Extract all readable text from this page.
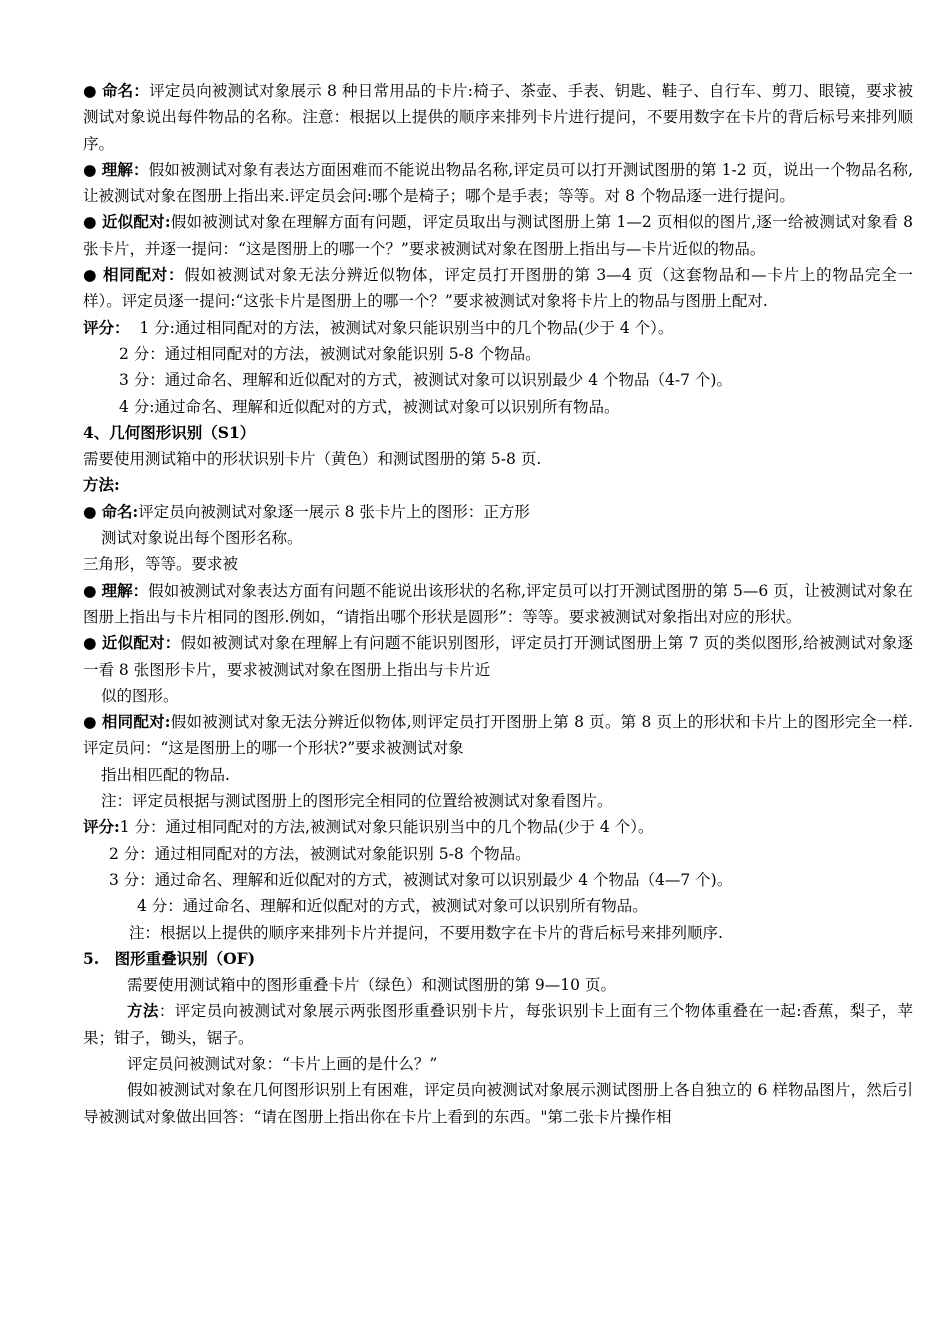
● 命名：评定员向被测试对象展示 8 种日常用品的卡片:椅子、茶壶、手表、钥匙、鞋子、自行车、剪刀、眼镜，要求被测试对象说出每件物品的名称。注意：根据以上提供的顺序来排列卡片进行提问，不要用数字在卡片的背后标号来排列顺序。

● 理解：假如被测试对象有表达方面困难而不能说出物品名称,评定员可以打开测试图册的第 1-2 页，说出一个物品名称,让被测试对象在图册上指出来.评定员会问:哪个是椅子；哪个是手表；等等。对 8 个物品逐一进行提问。

● 近似配对:假如被测试对象在理解方面有问题，评定员取出与测试图册上第 1—2 页相似的图片,逐一给被测试对象看 8 张卡片，并逐一提问：“这是图册上的哪一个？”要求被测试对象在图册上指出与—卡片近似的物品。

● 相同配对：假如被测试对象无法分辨近似物体，评定员打开图册的第 3—4 页（这套物品和—卡片上的物品完全一样）。评定员逐一提问:“这张卡片是图册上的哪一个？”要求被测试对象将卡片上的物品与图册上配对.

评分： 1 分:通过相同配对的方法，被测试对象只能识别当中的几个物品(少于 4 个）。

2 分：通过相同配对的方法，被测试对象能识别 5-8 个物品。

3 分：通过命名、理解和近似配对的方式，被测试对象可以识别最少 4 个物品（4-7 个)。

4 分:通过命名、理解和近似配对的方式，被测试对象可以识别所有物品。

4、几何图形识别（S1）

需要使用测试箱中的形状识别卡片（黄色）和测试图册的第 5-8 页.

方法:

● 命名:评定员向被测试对象逐一展示 8 张卡片上的图形：正方形

测试对象说出每个图形名称。

三角形，等等。要求被

● 理解：假如被测试对象表达方面有问题不能说出该形状的名称,评定员可以打开测试图册的第 5—6 页，让被测试对象在图册上指出与卡片相同的图形.例如，“请指出哪个形状是圆形”：等等。要求被测试对象指出对应的形状。

● 近似配对：假如被测试对象在理解上有问题不能识别图形，评定员打开测试图册上第 7 页的类似图形,给被测试对象逐一看 8 张图形卡片，要求被测试对象在图册上指出与卡片近

似的图形。

● 相同配对:假如被测试对象无法分辨近似物体,则评定员打开图册上第 8 页。第 8 页上的形状和卡片上的图形完全一样.评定员问：“这是图册上的哪一个形状?”要求被测试对象

指出相匹配的物品.

注：评定员根据与测试图册上的图形完全相同的位置给被测试对象看图片。

评分:1 分：通过相同配对的方法,被测试对象只能识别当中的几个物品(少于 4 个）。

2 分：通过相同配对的方法，被测试对象能识别 5-8 个物品。

3 分：通过命名、理解和近似配对的方式，被测试对象可以识别最少 4 个物品（4—7 个)。

4 分：通过命名、理解和近似配对的方式，被测试对象可以识别所有物品。

注：根据以上提供的顺序来排列卡片并提问，不要用数字在卡片的背后标号来排列顺序.

5.　图形重叠识别（OF)

需要使用测试箱中的图形重叠卡片（绿色）和测试图册的第 9—10 页。

方法：评定员向被测试对象展示两张图形重叠识别卡片，每张识别卡上面有三个物体重叠在一起:香蕉，梨子，苹果；钳子，锄头，锯子。

评定员问被测试对象：“卡片上画的是什么？”

假如被测试对象在几何图形识别上有困难，评定员向被测试对象展示测试图册上各自独立的 6 样物品图片，然后引导被测试对象做出回答：“请在图册上指出你在卡片上看到的东西。"第二张卡片操作相
